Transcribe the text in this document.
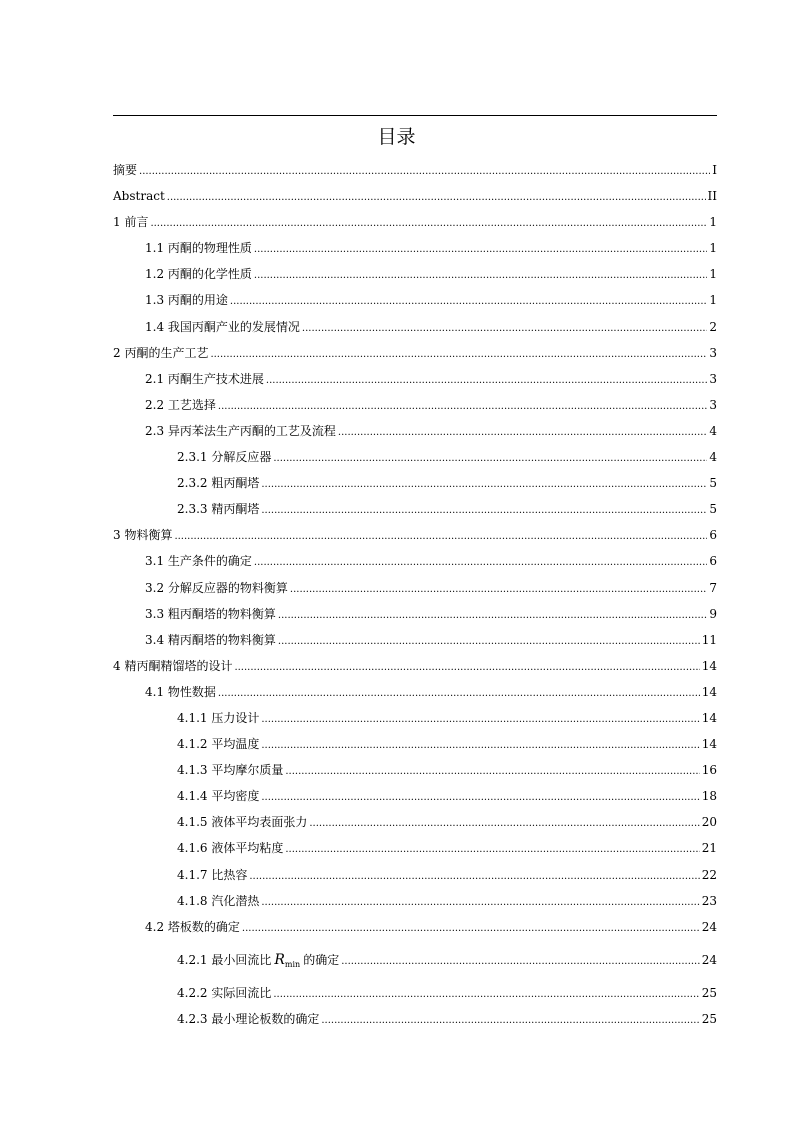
目录
摘要 .....	I
Abstract .....	II
1 前言 .....	1
1.1 丙酮的物理性质 .....	1
1.2 丙酮的化学性质 .....	1
1.3 丙酮的用途 .....	1
1.4 我国丙酮产业的发展情况 .....	2
2 丙酮的生产工艺 .....	3
2.1 丙酮生产技术进展 .....	3
2.2 工艺选择 .....	3
2.3 异丙苯法生产丙酮的工艺及流程 .....	4
2.3.1 分解反应器 .....	4
2.3.2 粗丙酮塔 .....	5
2.3.3 精丙酮塔 .....	5
3 物料衡算 .....	6
3.1 生产条件的确定 .....	6
3.2 分解反应器的物料衡算 .....	7
3.3 粗丙酮塔的物料衡算 .....	9
3.4 精丙酮塔的物料衡算 .....	11
4 精丙酮精馏塔的设计 .....	14
4.1 物性数据 .....	14
4.1.1 压力设计 .....	14
4.1.2 平均温度 .....	14
4.1.3 平均摩尔质量 .....	16
4.1.4 平均密度 .....	18
4.1.5 液体平均表面张力 .....	20
4.1.6 液体平均粘度 .....	21
4.1.7 比热容 .....	22
4.1.8 汽化潜热 .....	23
4.2 塔板数的确定 .....	24
4.2.1 最小回流比 $R_{min}$ 的确定 .....	24
4.2.2 实际回流比 .....	25
4.2.3 最小理论板数的确定 .....	25
